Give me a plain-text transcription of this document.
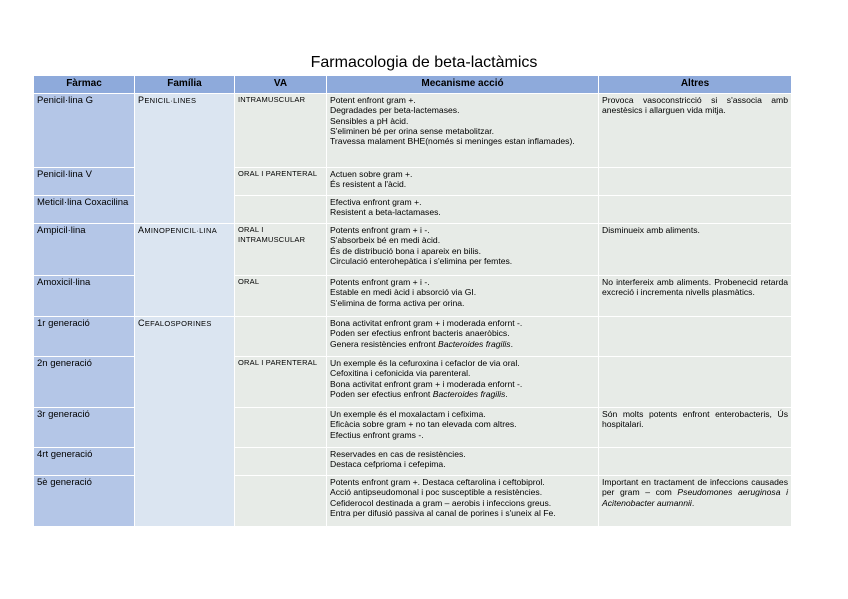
Farmacologia de beta-lactàmics
Fàrmac	Família	VA	Mecanisme acció	Altres
Penicil·lina G	PENICIL·LINES	INTRAMUSCULAR	Potent enfront gram +.
Degradades per beta-lactemases.
Sensibles a pH àcid.
S'eliminen bé per orina sense metabolitzar.
Travessa malament BHE(només si meninges estan inflamades).	Provoca vasoconstricció si s'associa amb anestèsics i allarguen vida mitja.
Penicil·lina V		ORAL I PARENTERAL	Actuen sobre gram +.
És resistent a l'àcid.	

Meticil·lina Coxacilina			Efectiva enfront gram +.
Resistent a beta-lactamases.	

Ampicil·lina	AMINOPENICIL·LINA	ORAL I INTRAMUSCULAR	Potents enfront gram + i -.
S'absorbeix bé en medi àcid.
És de distribució bona i apareix en bilis.
Circulació enterohepàtica i s'elimina per femtes.	Disminueix amb aliments.
Amoxicil·lina		ORAL	Potents enfront gram + i -.
Estable en medi àcid i absorció via GI.
S'elimina de forma activa per orina.	No interfereix amb aliments. Probenecid retarda excreció i incrementa nivells plasmàtics.
1r generació	CEFALOSPORINES		Bona activitat enfront gram + i moderada enfornt -.
Poden ser efectius enfront bacteris anaeròbics.
Genera resistències enfront Bacteroides fragilis.	

2n generació		ORAL I PARENTERAL	Un exemple és la cefuroxina i cefaclor de via oral.
Cefoxitina i cefonicida via parenteral.
Bona activitat enfront gram + i moderada enfornt -.
Poden ser efectius enfront Bacteroides fragilis.	

3r generació			Un exemple és el moxalactam i cefixima.
Eficàcia sobre gram + no tan elevada com altres.
Efectius enfront grams -.	Són molts potents enfront enterobacteris, Ús hospitalari.
4rt generació			Reservades en cas de resistències.
Destaca cefprioma i cefepima.	

5è generació			Potents enfront gram +. Destaca ceftarolina i ceftobiprol.
Acció antipseudomonal i poc susceptible a resistències.
Cefiderocol destinada a gram – aerobis i infeccions greus.
Entra per difusió passiva al canal de porines i s'uneix al Fe.	Important en tractament de infeccions causades per gram – com Pseudomones aeruginosa i Acitenobacter aumannii.
